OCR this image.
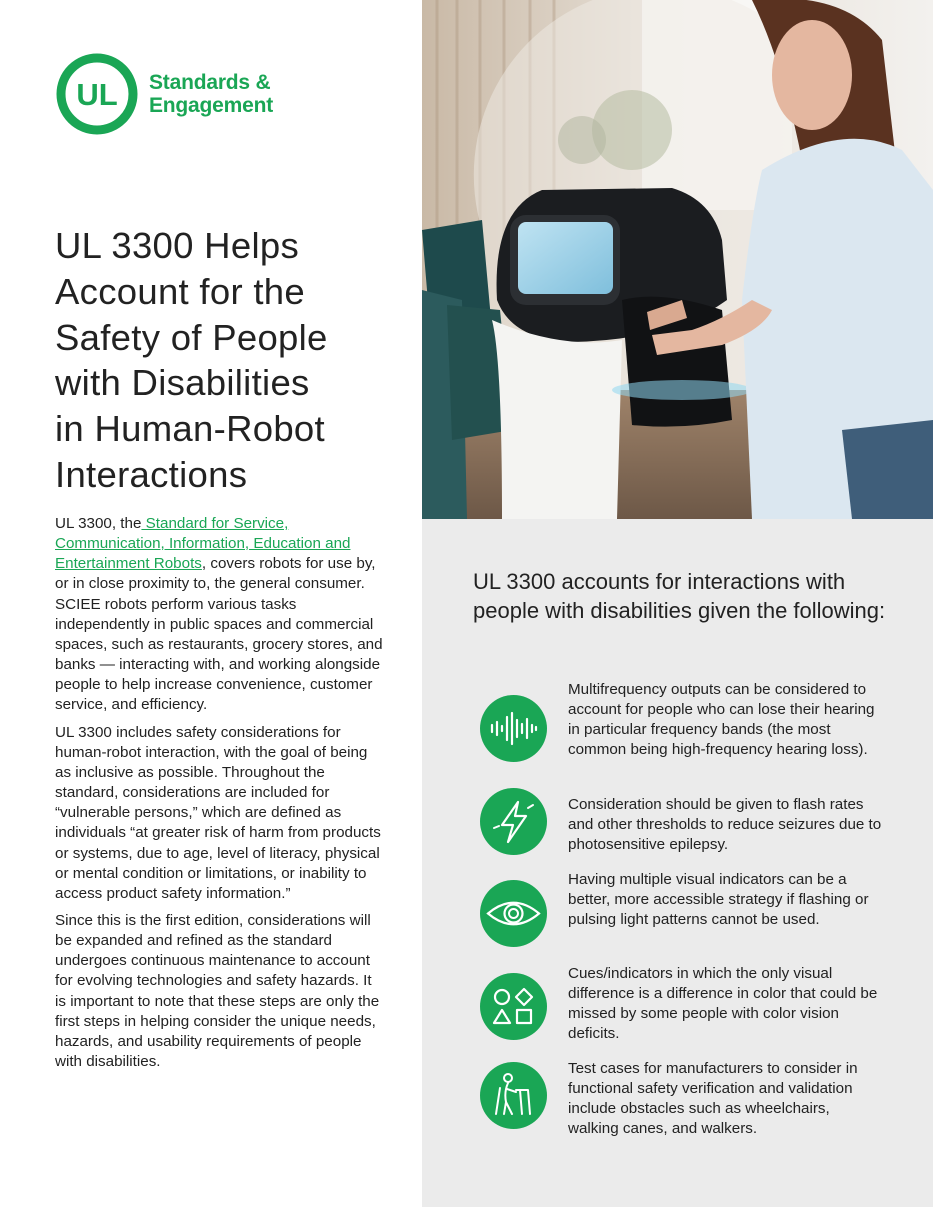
UL Standards &
Engagement
UL 3300 Helps
Account for the
Safety of People
with Disabilities
in Human-Robot
Interactions

UL 3300, the Standard for Service, Communication, Information, Education and Entertainment Robots, covers robots for use by, or in close proximity to, the general consumer. SCIEE robots perform various tasks independently in public spaces and commercial spaces, such as restaurants, grocery stores, and banks — interacting with, and working alongside people to help increase convenience, customer service, and efficiency.

UL 3300 includes safety considerations for human-robot interaction, with the goal of being as inclusive as possible. Throughout the standard, considerations are included for “vulnerable persons,” which are defined as individuals “at greater risk of harm from products or systems, due to age, level of literacy, physical or mental condition or limitations, or inability to access product safety information.”

Since this is the first edition, considerations will be expanded and refined as the standard undergoes continuous maintenance to account for evolving technologies and safety hazards. It is important to note that these steps are only the first steps in helping consider the unique needs, hazards, and usability requirements of people with disabilities.

UL 3300 accounts for interactions with people with disabilities given the following:
Multifrequency outputs can be considered to account for people who can lose their hearing in particular frequency bands (the most common being high-frequency hearing loss).
Consideration should be given to flash rates and other thresholds to reduce seizures due to photosensitive epilepsy.
Having multiple visual indicators can be a better, more accessible strategy if flashing or pulsing light patterns cannot be used.
Cues/indicators in which the only visual difference is a difference in color that could be missed by some people with color vision deficits.
Test cases for manufacturers to consider in functional safety verification and validation include obstacles such as wheelchairs, walking canes, and walkers.
